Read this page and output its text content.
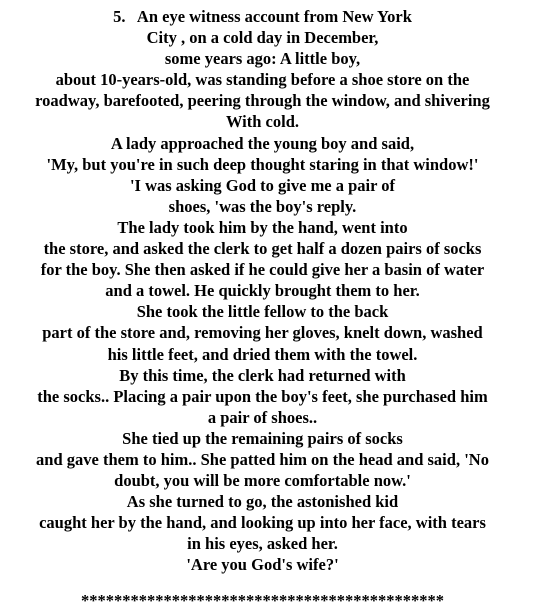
5.   An eye witness account from New York
City , on a cold day in December,
some years ago: A little boy,
about 10-years-old, was standing before a shoe store on the
roadway, barefooted, peering through the window, and shivering
With cold.
A lady approached the young boy and said,
'My, but you're in such deep thought staring in that window!'
'I was asking God to give me a pair of
shoes, 'was the boy's reply.
The lady took him by the hand, went into
the store, and asked the clerk to get half a dozen pairs of socks
for the boy. She then asked if he could give her a basin of water
and a towel. He quickly brought them to her.
She took the little fellow to the back
part of the store and, removing her gloves, knelt down, washed
his little feet, and dried them with the towel.
By this time, the clerk had returned with
the socks.. Placing a pair upon the boy's feet, she purchased him
a pair of shoes..
She tied up the remaining pairs of socks
and gave them to him.. She patted him on the head and said, 'No
doubt, you will be more comfortable now.'
As she turned to go, the astonished kid
caught her by the hand, and looking up into her face, with tears
in his eyes, asked her.
'Are you God's wife?'
********************************************
